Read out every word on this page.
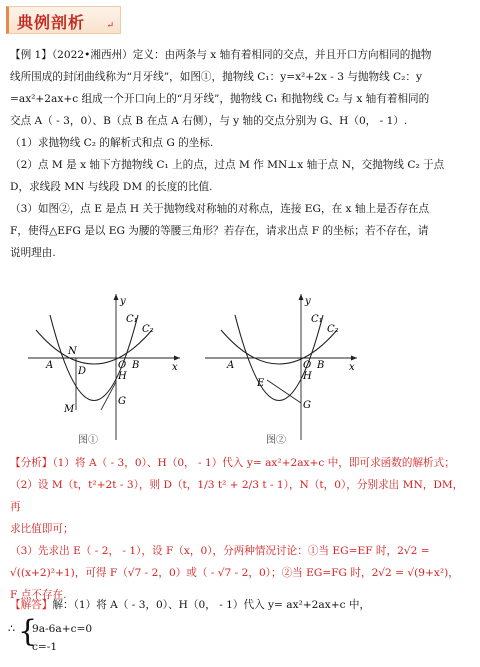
典例剖析 ↵
【例 1】（2022•湘西州）定义：由两条与 x 轴有着相同的交点，并且开口方向相同的抛物
线所围成的封闭曲线称为“月牙线”，如图①，抛物线 C₁：y=x²+2x - 3 与抛物线 C₂：y
=ax²+2ax+c 组成一个开口向上的“月牙线”，抛物线 C₁ 和抛物线 C₂ 与 x 轴有着相同的
交点 A（ - 3，0）、B（点 B 在点 A 右侧），与 y 轴的交点分别为 G、H（0， - 1）.
（1）求抛物线 C₂ 的解析式和点 G 的坐标.
（2）点 M 是 x 轴下方抛物线 C₁ 上的点，过点 M 作 MN⊥x 轴于点 N，交抛物线 C₂ 于点
D，求线段 MN 与线段 DM 的长度的比值.
（3）如图②，点 E 是点 H 关于抛物线对称轴的对称点，连接 EG，在 x 轴上是否存在点
F，使得△EFG 是以 EG 为腰的等腰三角形？若存在，请求出点 F 的坐标；若不存在，请
说明理由.
y
x
C₁
C₂
A
N
D
M
O B
H
G
图①
y
x
C₁
C₂
A
E
O B
H
G
图②
【分析】（1）将 A（ - 3，0）、H（0， - 1）代入 y= ax²+2ax+c 中，即可求函数的解析式；
（2）设 M（t，t²+2t - 3），则 D（t，1/3 t² + 2/3 t - 1），N（t，0），分别求出 MN，DM，再
求比值即可；
（3）先求出 E（ - 2， - 1），设 F（x，0），分两种情况讨论：①当 EG=EF 时，2√2 =
√((x+2)²+1)，可得 F（√7 - 2，0）或（ - √7 - 2，0）；②当 EG=FG 时，2√2 = √(9+x²)，
F 点不存在.
【解答】解：（1）将 A（ - 3，0）、H（0， - 1）代入 y= ax²+2ax+c 中，
∴ {
9a-6a+c=0
c=-1
